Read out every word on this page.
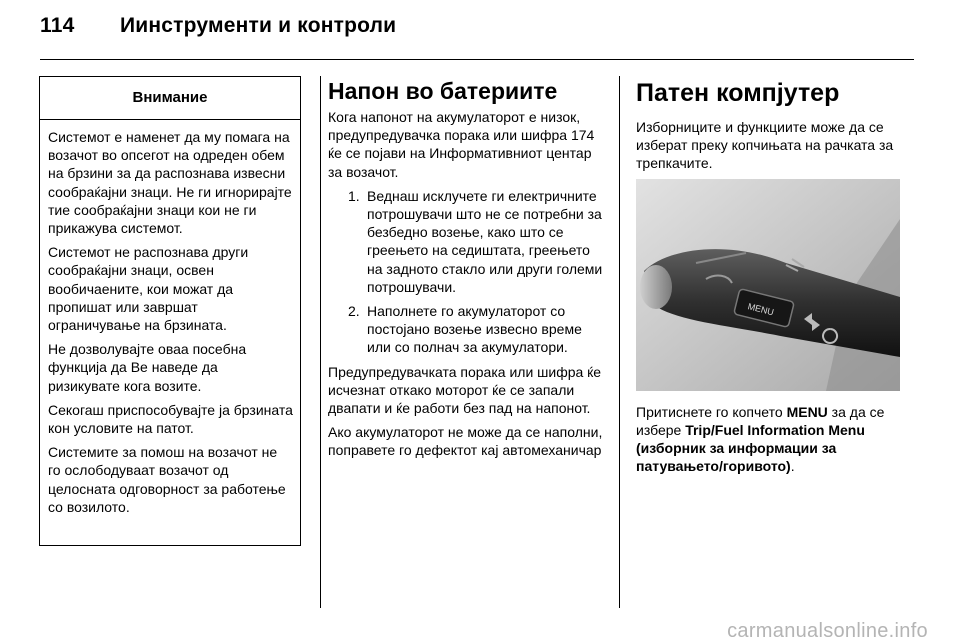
114 Иинструменти и контроли
Внимание

Системот е наменет да му помага на возачот во опсегот на одреден обем на брзини за да распознава извесни сообраќајни знаци. Не ги игнорирајте тие сообраќајни знаци кои не ги прикажува системот.

Системот не распознава други сообраќајни знаци, освен вообичаените, кои можат да пропишат или завршат ограничување на брзината.

Не дозволувајте оваа посебна функција да Ве наведе да ризикувате кога возите.

Секогаш приспособувајте ја брзината кон условите на патот.

Системите за помош на возачот не го ослободуваат возачот од целосната одговорност за работење со возилото.

Напон во батериите

Кога напонот на акумулаторот е низок, предупредувачка порака или шифра 174 ќе се појави на Информативниот центар за возачот.

1. Веднаш исклучете ги електричните потрошувачи што не се потребни за безбедно возење, како што се греењето на седиштата, греењето на задното стакло или други големи потрошувачи.
2. Наполнете го акумулаторот со постојано возење извесно време или со полнач за акумулатори.

Предупредувачката порака или шифра ќе исчезнат откако моторот ќе се запали двапати и ќе работи без пад на напонот.

Ако акумулаторот не може да се наполни, поправете го дефектот кај автомеханичар

Патен компјутер

Изборниците и функциите може да се изберат преку копчињата на рачката за трепкачите.

MENU

Притиснете го копчето MENU за да се избере Trip/Fuel Information Menu (изборник за информации за патувањето/горивото).

carmanualsonline.info
